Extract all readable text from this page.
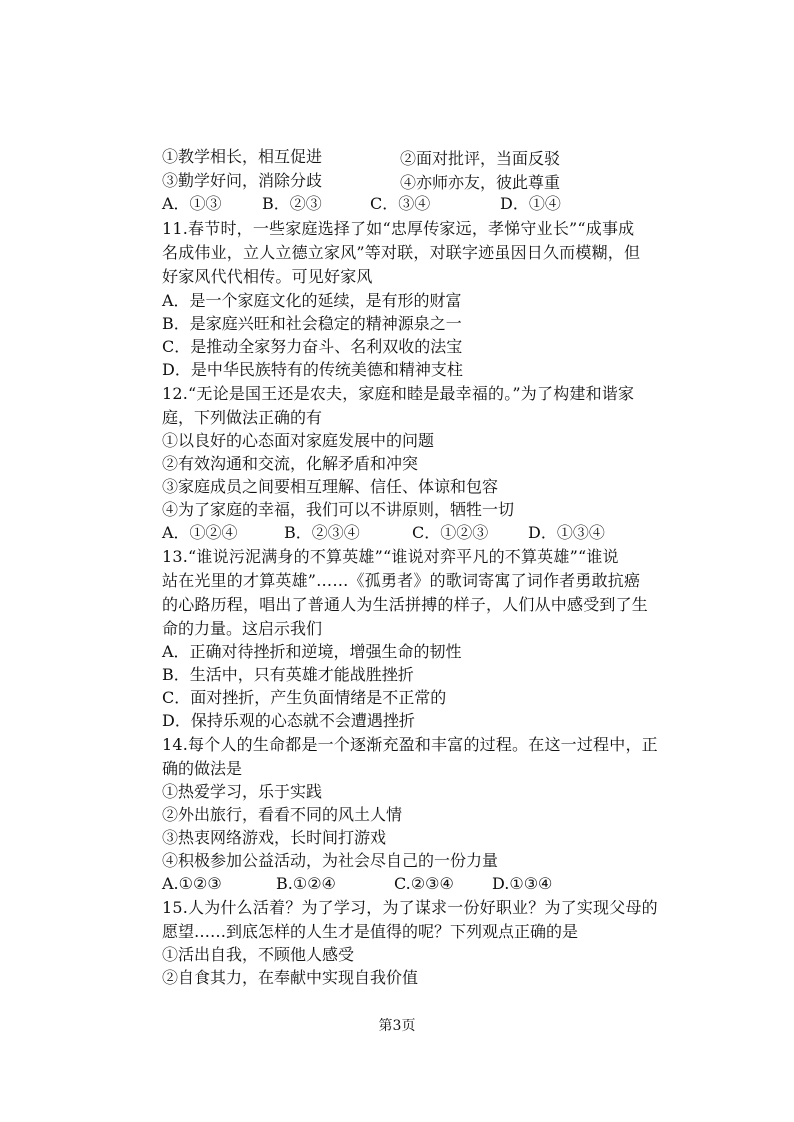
①教学相长，相互促进	②面对批评，当面反驳
③勤学好问，消除分歧	④亦师亦友，彼此尊重
A．①③	B．②③	C．③④	D．①④
11.春节时，一些家庭选择了如“忠厚传家远，孝悌守业长”“成事成
名成伟业，立人立德立家风”等对联，对联字迹虽因日久而模糊，但
好家风代代相传。可见好家风
A．是一个家庭文化的延续，是有形的财富
B．是家庭兴旺和社会稳定的精神源泉之一
C．是推动全家努力奋斗、名利双收的法宝
D．是中华民族特有的传统美德和精神支柱
12.“无论是国王还是农夫，家庭和睦是最幸福的。”为了构建和谐家
庭，下列做法正确的有
①以良好的心态面对家庭发展中的问题
②有效沟通和交流，化解矛盾和冲突
③家庭成员之间要相互理解、信任、体谅和包容
④为了家庭的幸福，我们可以不讲原则，牺牲一切
A．①②④	B．②③④	C．①②③ D．①③④
13.“谁说污泥满身的不算英雄”“谁说对弈平凡的不算英雄”“谁说
站在光里的才算英雄”……《孤勇者》的歌词寄寓了词作者勇敢抗癌
的心路历程，唱出了普通人为生活拼搏的样子，人们从中感受到了生
命的力量。这启示我们
A．正确对待挫折和逆境，增强生命的韧性
B．生活中，只有英雄才能战胜挫折
C．面对挫折，产生负面情绪是不正常的
D．保持乐观的心态就不会遭遇挫折
14.每个人的生命都是一个逐渐充盈和丰富的过程。在这一过程中，正
确的做法是
①热爱学习，乐于实践
②外出旅行，看看不同的风土人情
③热衷网络游戏，长时间打游戏
④积极参加公益活动，为社会尽自己的一份力量
A.①②③	B.①②④	C.②③④ D.①③④
15.人为什么活着？为了学习，为了谋求一份好职业？为了实现父母的
愿望……到底怎样的人生才是值得的呢？下列观点正确的是
①活出自我，不顾他人感受
②自食其力，在奉献中实现自我价值
第3页
